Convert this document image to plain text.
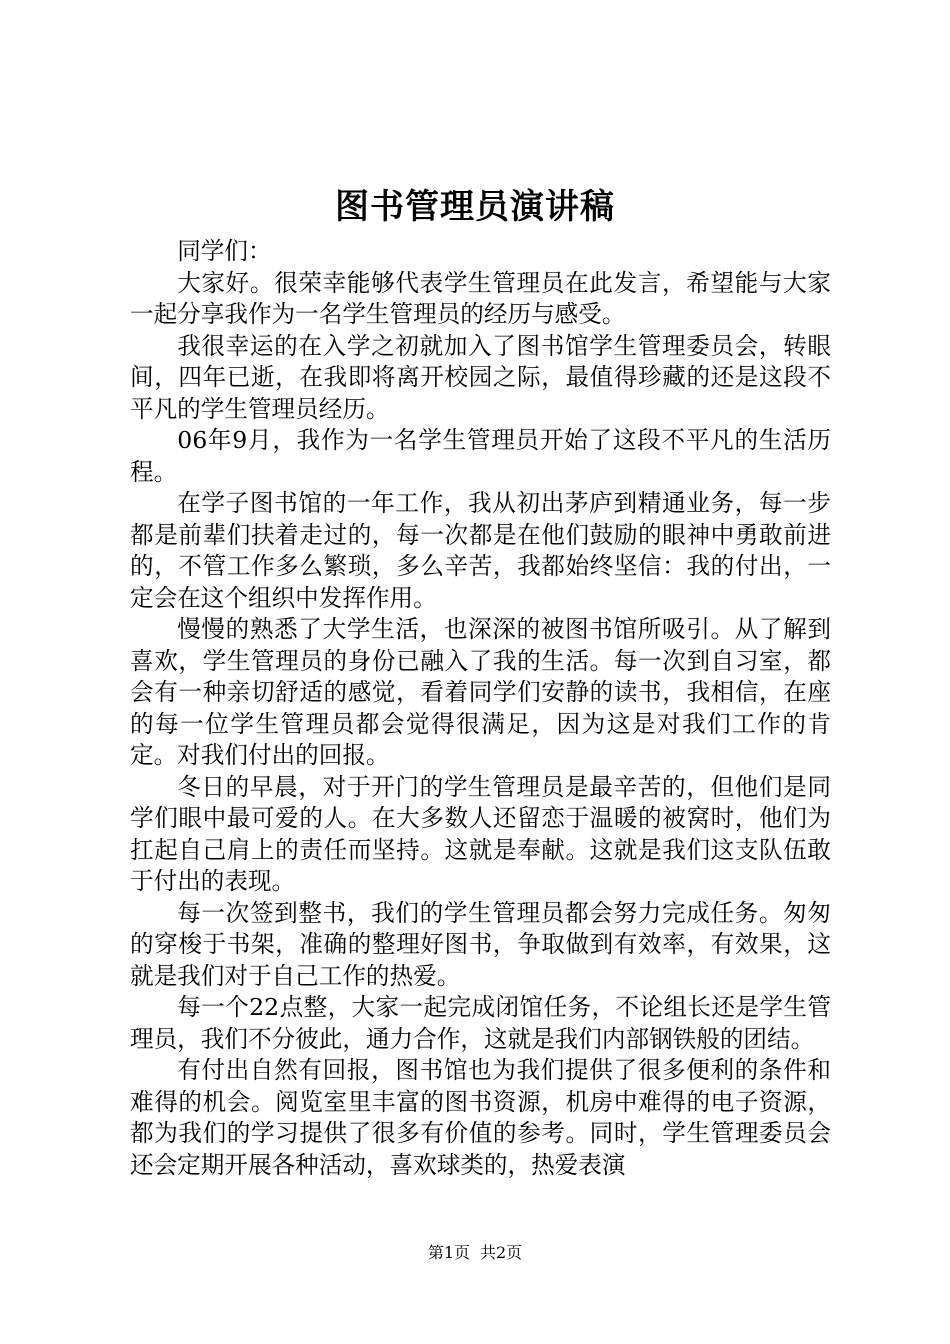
图书管理员演讲稿

同学们：

大家好。很荣幸能够代表学生管理员在此发言，希望能与大家一起分享我作为一名学生管理员的经历与感受。

我很幸运的在入学之初就加入了图书馆学生管理委员会，转眼间，四年已逝，在我即将离开校园之际，最值得珍藏的还是这段不平凡的学生管理员经历。

06年9月，我作为一名学生管理员开始了这段不平凡的生活历程。

在学子图书馆的一年工作，我从初出茅庐到精通业务，每一步都是前辈们扶着走过的，每一次都是在他们鼓励的眼神中勇敢前进的，不管工作多么繁琐，多么辛苦，我都始终坚信：我的付出，一定会在这个组织中发挥作用。

慢慢的熟悉了大学生活，也深深的被图书馆所吸引。从了解到喜欢，学生管理员的身份已融入了我的生活。每一次到自习室，都会有一种亲切舒适的感觉，看着同学们安静的读书，我相信，在座的每一位学生管理员都会觉得很满足，因为这是对我们工作的肯定。对我们付出的回报。

冬日的早晨，对于开门的学生管理员是最辛苦的，但他们是同学们眼中最可爱的人。在大多数人还留恋于温暖的被窝时，他们为扛起自己肩上的责任而坚持。这就是奉献。这就是我们这支队伍敢于付出的表现。

每一次签到整书，我们的学生管理员都会努力完成任务。匆匆的穿梭于书架，准确的整理好图书，争取做到有效率，有效果，这就是我们对于自己工作的热爱。

每一个22点整，大家一起完成闭馆任务，不论组长还是学生管理员，我们不分彼此，通力合作，这就是我们内部钢铁般的团结。

有付出自然有回报，图书馆也为我们提供了很多便利的条件和难得的机会。阅览室里丰富的图书资源，机房中难得的电子资源，都为我们的学习提供了很多有价值的参考。同时，学生管理委员会还会定期开展各种活动，喜欢球类的，热爱表演

第1页 共2页
